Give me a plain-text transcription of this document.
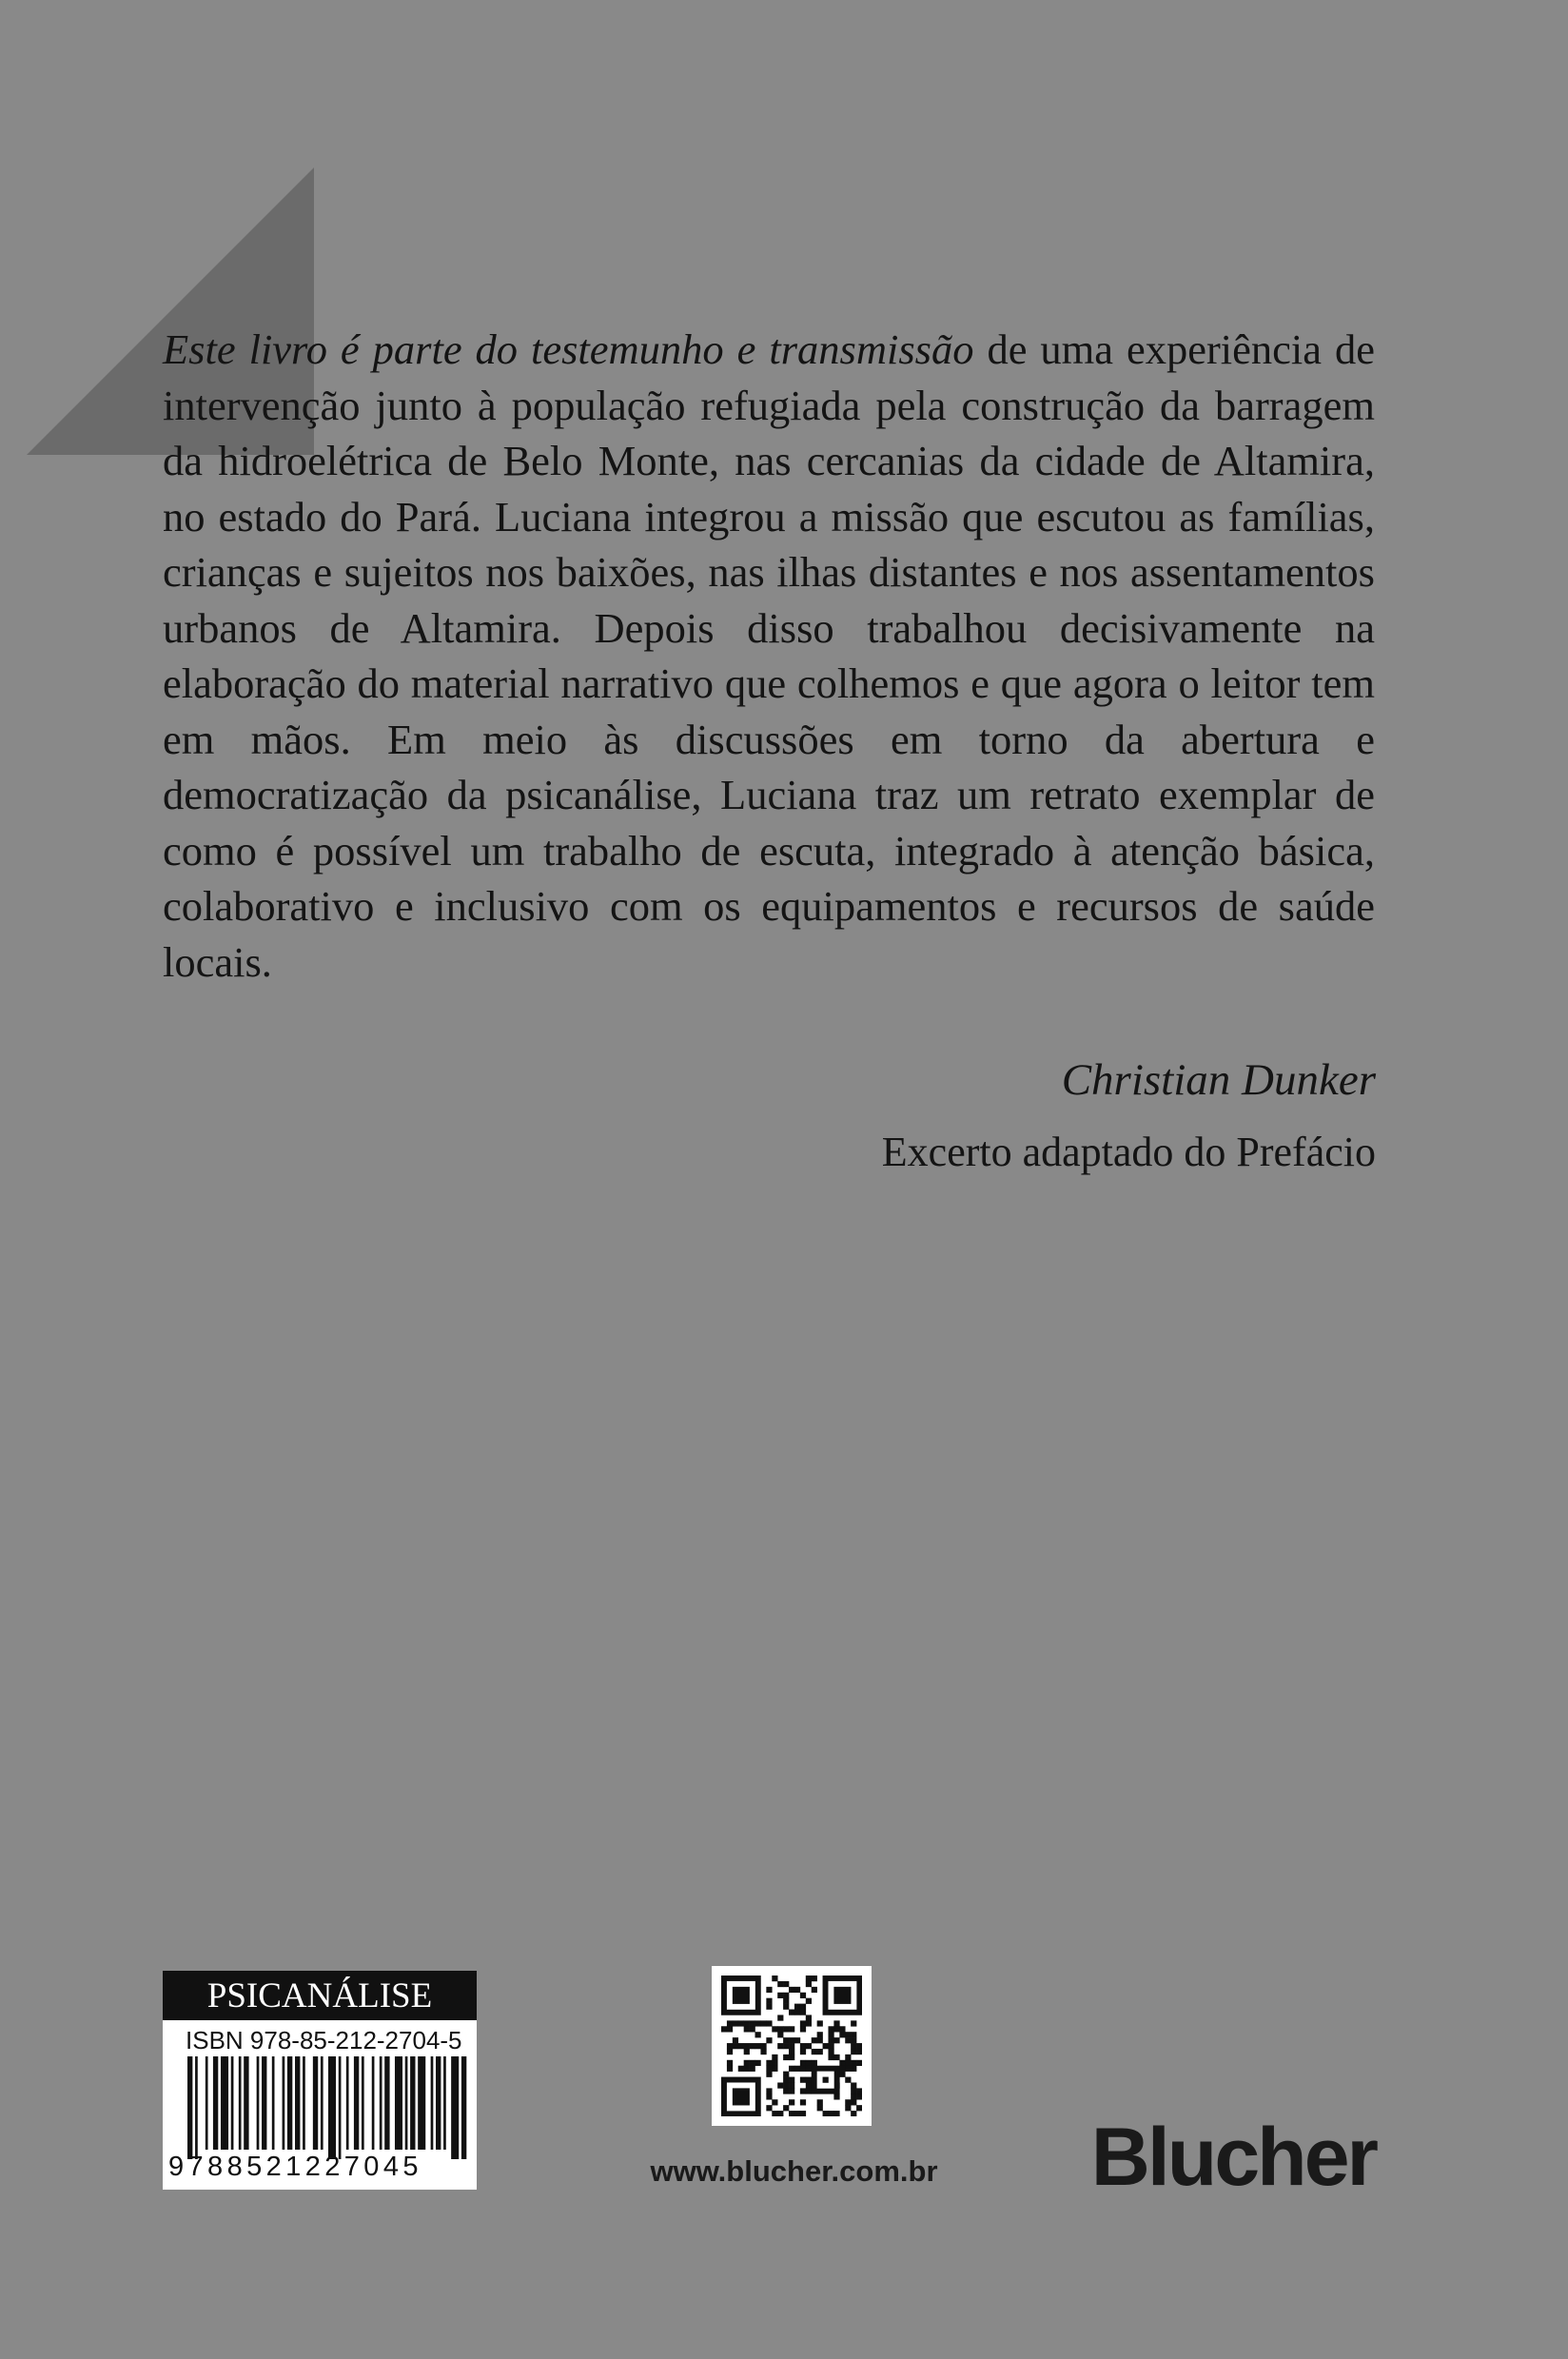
Este livro é parte do testemunho e transmissão de uma experiência de intervenção junto à população refugiada pela construção da barragem da hidroelétrica de Belo Monte, nas cercanias da cidade de Altamira, no estado do Pará. Luciana integrou a missão que escutou as famílias, crianças e sujeitos nos baixões, nas ilhas distantes e nos assentamentos urbanos de Altamira. Depois disso trabalhou decisivamente na elaboração do material narrativo que colhemos e que agora o leitor tem em mãos. Em meio às discussões em torno da abertura e democratização da psicanálise, Luciana traz um retrato exemplar de como é possível um trabalho de escuta, integrado à atenção básica, colaborativo e inclusivo com os equipamentos e recursos de saúde locais.
Christian Dunker
Excerto adaptado do Prefácio
PSICANÁLISE
ISBN 978-85-212-2704-5
9788521227045	www.blucher.com.br Blucher
